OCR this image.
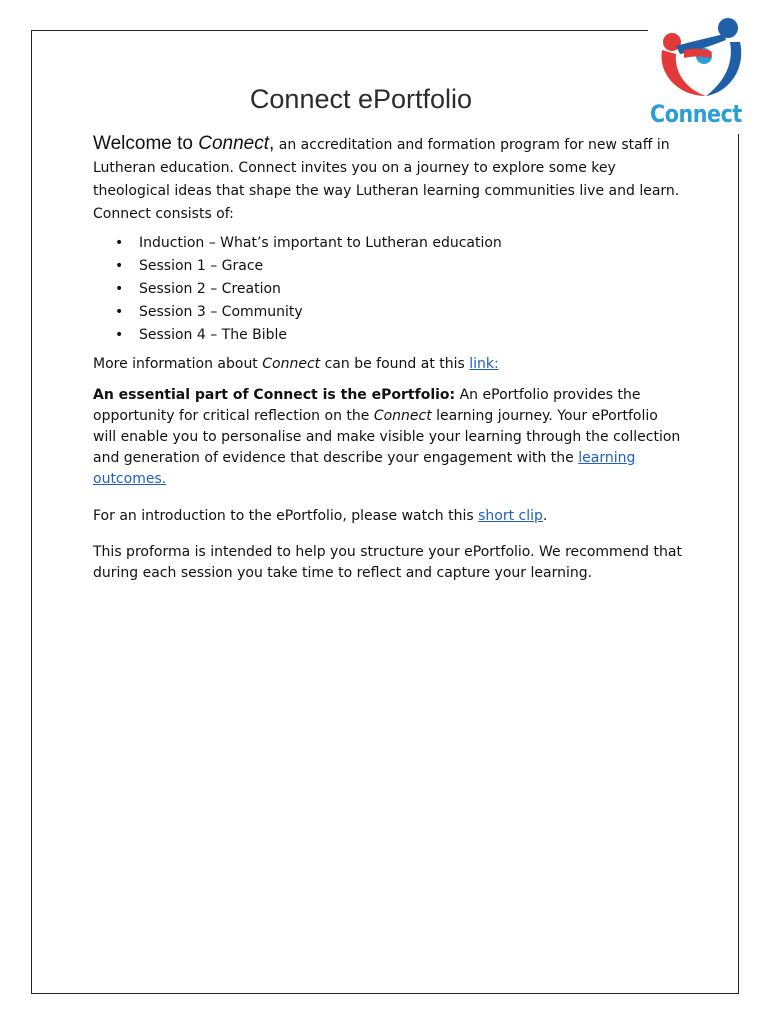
Connect
Connect ePortfolio

Welcome to Connect, an accreditation and formation program for new staff in Lutheran education. Connect invites you on a journey to explore some key theological ideas that shape the way Lutheran learning communities live and learn. Connect consists of:

• Induction – What’s important to Lutheran education
• Session 1 – Grace
• Session 2 – Creation
• Session 3 – Community
• Session 4 – The Bible

More information about Connect can be found at this link:

An essential part of Connect is the ePortfolio: An ePortfolio provides the opportunity for critical reflection on the Connect learning journey. Your ePortfolio will enable you to personalise and make visible your learning through the collection and generation of evidence that describe your engagement with the learning outcomes.

For an introduction to the ePortfolio, please watch this short clip.

This proforma is intended to help you structure your ePortfolio. We recommend that during each session you take time to reflect and capture your learning.
